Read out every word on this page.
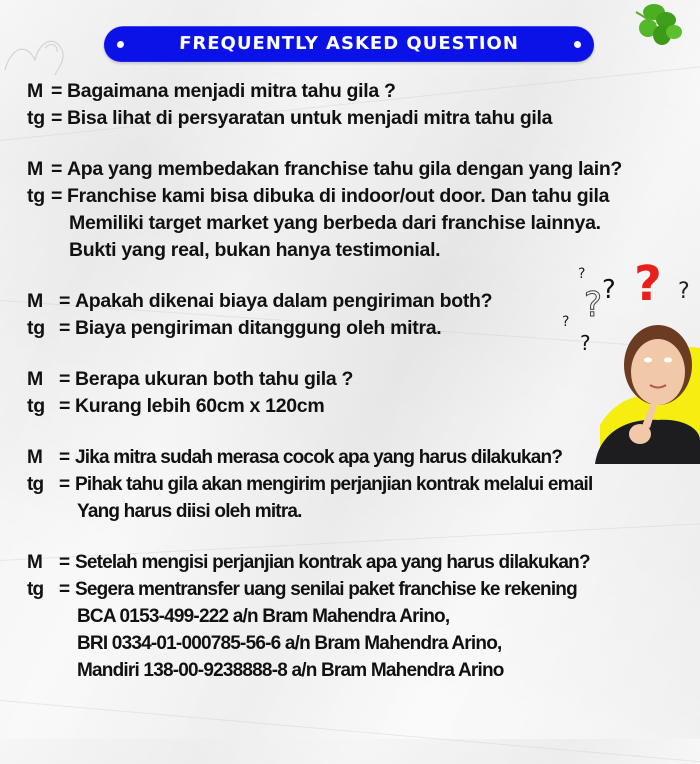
FREQUENTLY ASKED QUESTION
?
? ? ?
?
?
?
M = Bagaimana menjadi mitra tahu gila ?
tg = Bisa lihat di persyaratan untuk menjadi mitra tahu gila
M = Apa yang membedakan franchise tahu gila dengan yang lain?
tg = Franchise kami bisa dibuka di indoor/out door. Dan tahu gila
Memiliki target market yang berbeda dari franchise lainnya.
Bukti yang real, bukan hanya testimonial.
M = Apakah dikenai biaya dalam pengiriman both?
tg = Biaya pengiriman ditanggung oleh mitra.
M = Berapa ukuran both tahu gila ?
tg = Kurang lebih 60cm x 120cm
M = Jika mitra sudah merasa cocok apa yang harus dilakukan?
tg = Pihak tahu gila akan mengirim perjanjian kontrak melalui email
Yang harus diisi oleh mitra.
M = Setelah mengisi perjanjian kontrak apa yang harus dilakukan?
tg = Segera mentransfer uang senilai paket franchise ke rekening
BCA 0153-499-222 a/n Bram Mahendra Arino,
BRI 0334-01-000785-56-6 a/n Bram Mahendra Arino,
Mandiri 138-00-9238888-8 a/n Bram Mahendra Arino
